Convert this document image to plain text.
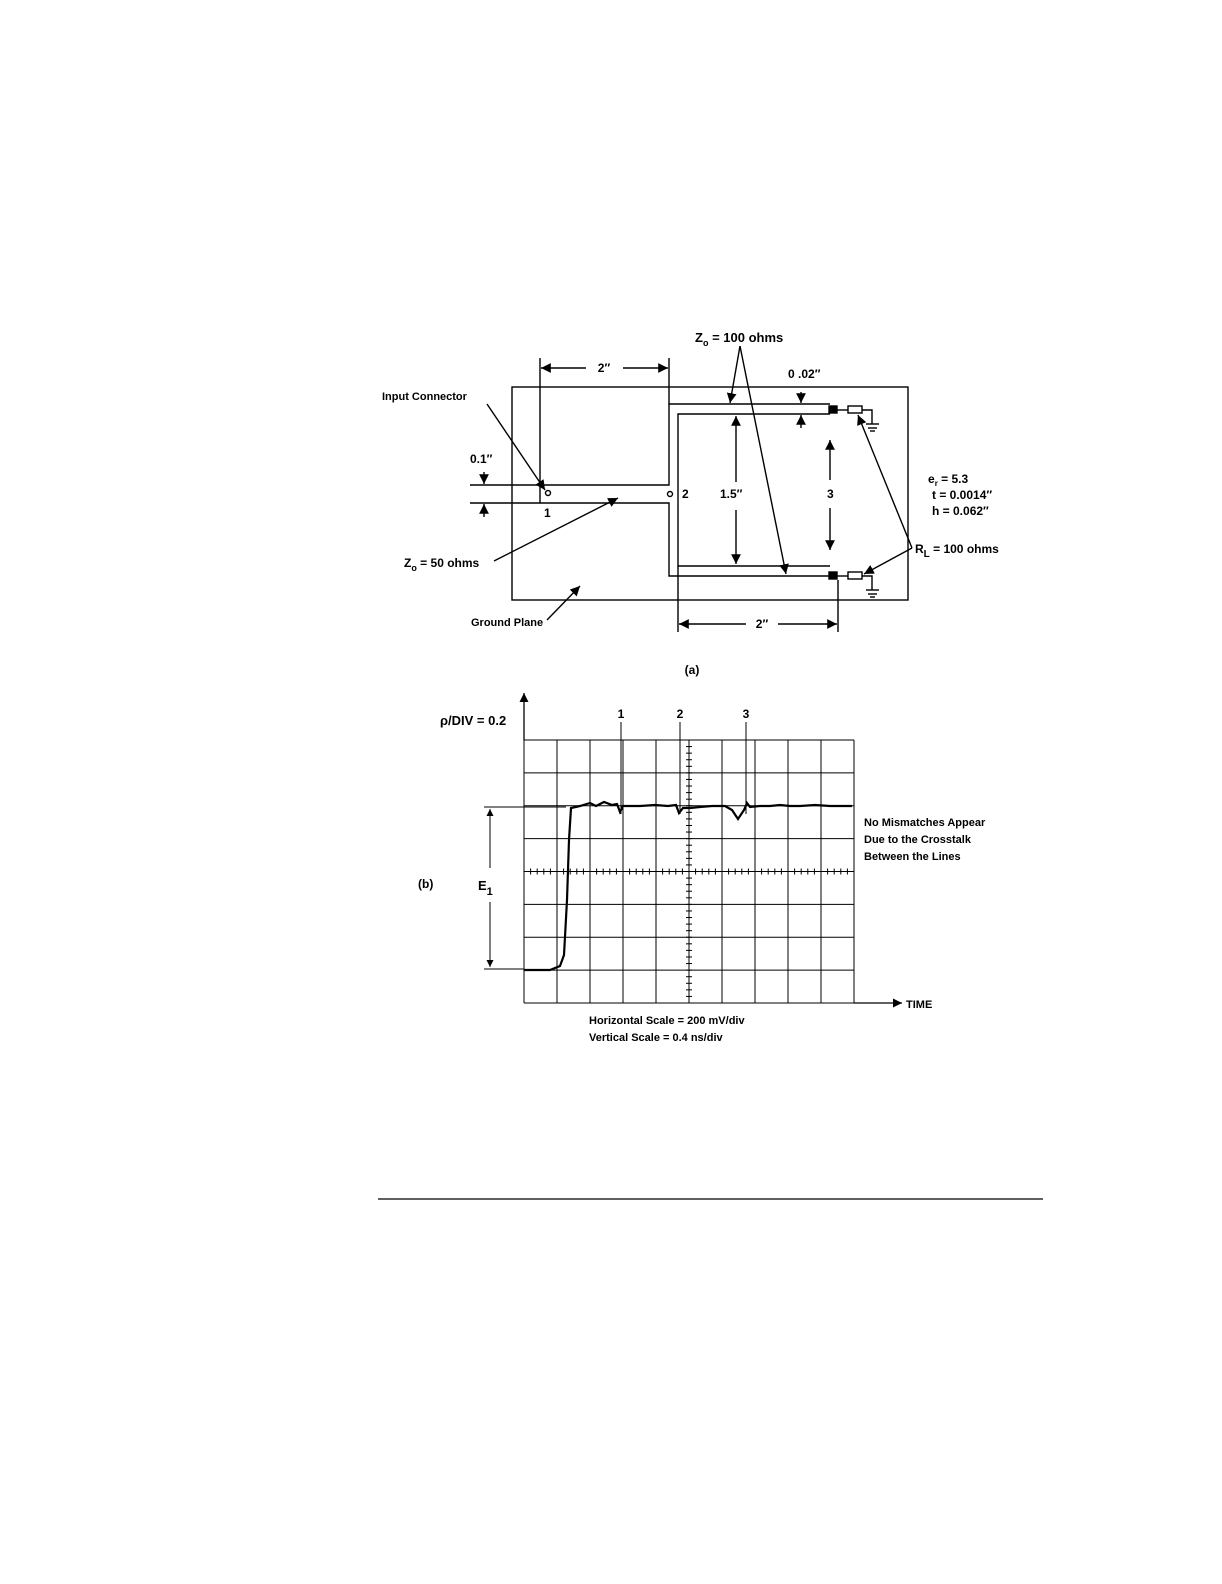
$Z_o = 100$ ohms
2″	0 .02″
Input Connector
0.1″
1
2	1.5″	3
$e_r = 5.3$
t = 0.0014″
h = 0.062″
$R_L = 100$ ohms
$Z_o = 50$ ohms
Ground Plane	2″
(a)
ρ/DIV = 0.2	1	2	3
(b)	$E_1$
No Mismatches Appear
Due to the Crosstalk
Between the Lines
TIME
Horizontal Scale = 200 mV/div
Vertical Scale = 0.4 ns/div
